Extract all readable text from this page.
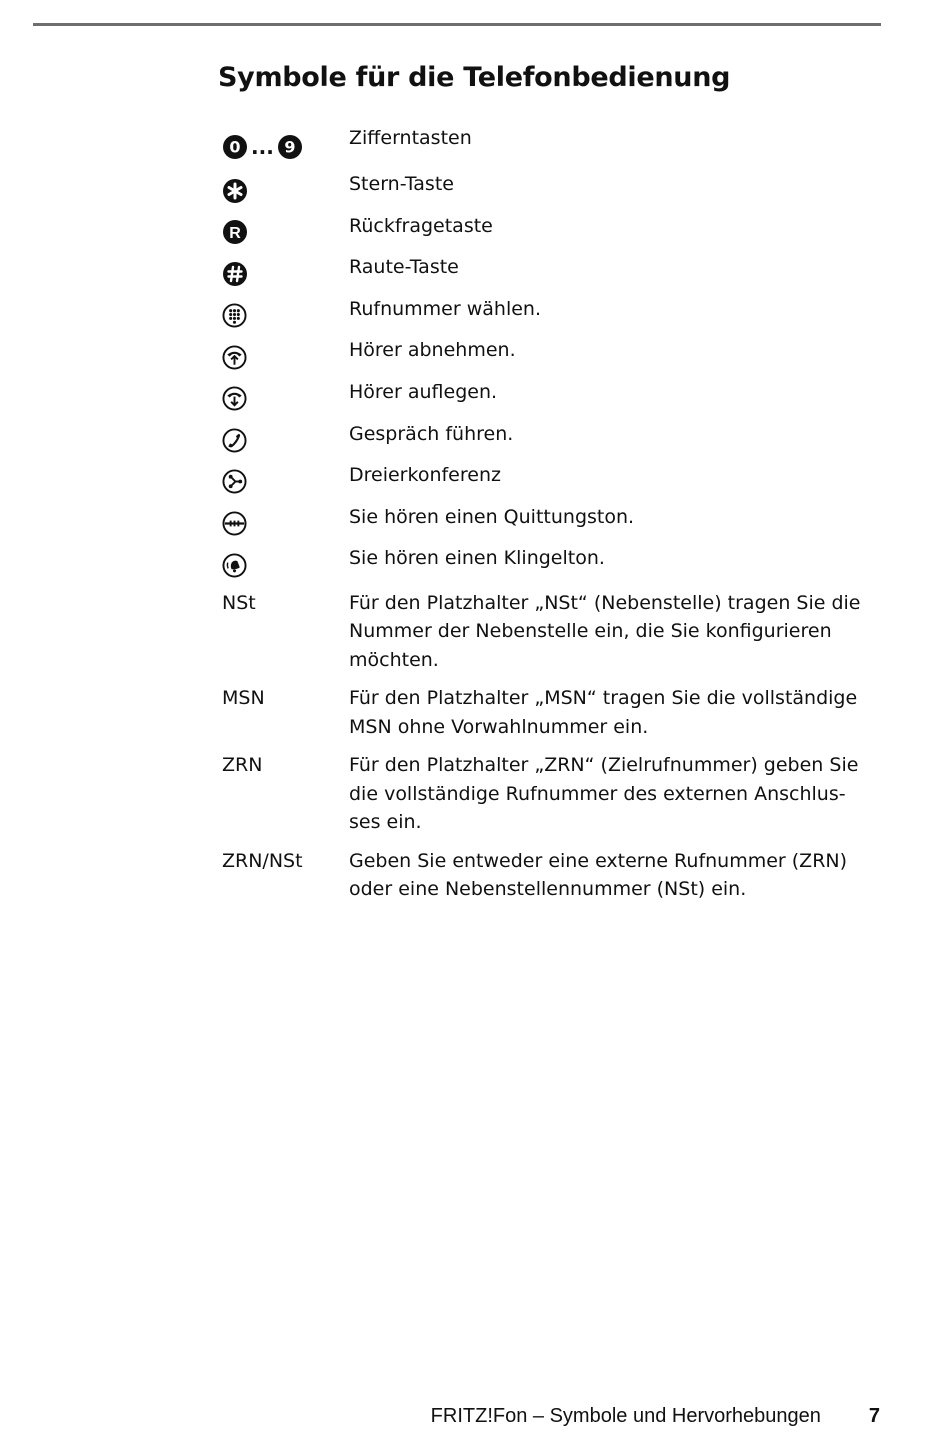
Symbole für die Telefonbedienung
0 ... 9	Zifferntasten
Stern-Taste
R	Rückfragetaste
Raute-Taste
Rufnummer wählen.
Hörer abnehmen.
Hörer auflegen.
Gespräch führen.
Dreierkonferenz
Sie hören einen Quittungston.
Sie hören einen Klingelton.
NSt	Für den Platzhalter „NSt“ (Nebenstelle) tragen Sie die
Nummer der Nebenstelle ein, die Sie konfigurieren
möchten.
MSN	Für den Platzhalter „MSN“ tragen Sie die vollständige
MSN ohne Vorwahlnummer ein.
ZRN	Für den Platzhalter „ZRN“ (Zielrufnummer) geben Sie
die vollständige Rufnummer des externen Anschlus-
ses ein.
ZRN/NSt	Geben Sie entweder eine externe Rufnummer (ZRN)
oder eine Nebenstellennummer (NSt) ein.
FRITZ!Fon – Symbole und Hervorhebungen 7
